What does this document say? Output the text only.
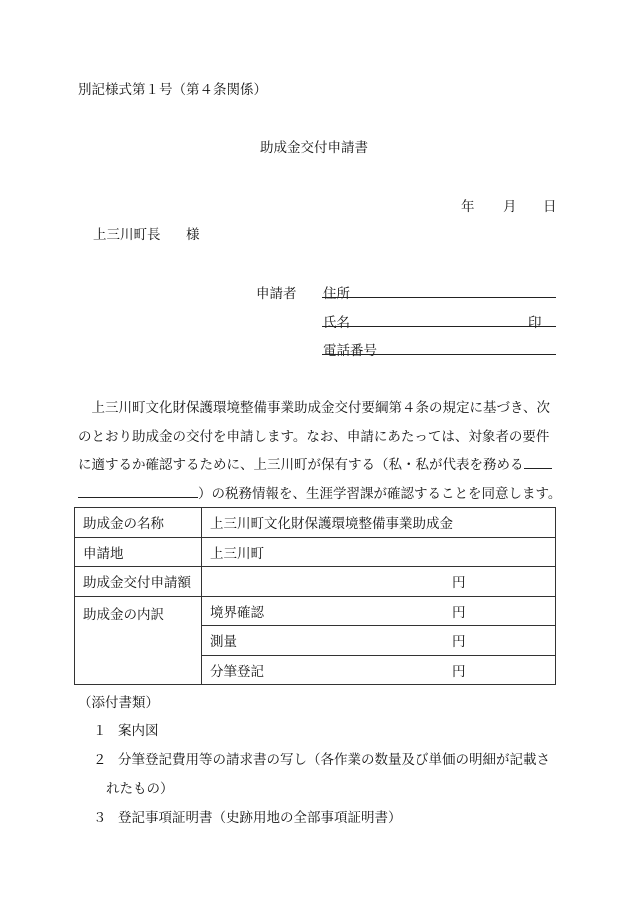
別記様式第１号（第４条関係）
助成金交付申請書
年 月 日
上三川町長 様
申請者 住所
氏名	印
電話番号

　上三川町文化財保護環境整備事業助成金交付要綱第４条の規定に基づき、次

のとおり助成金の交付を申請します。なお、申請にあたっては、対象者の要件

に適するか確認するために、上三川町が保有する（私・私が代表を務める

）の税務情報を、生涯学習課が確認することを同意します。

助成金の名称	上三川町文化財保護環境整備事業助成金
申請地	上三川町
助成金交付申請額	円

助成金の内訳	境界確認 円

	測量 円

	分筆登記 円
（添付書類）
１ 案内図
２ 分筆登記費用等の請求書の写し（各作業の数量及び単価の明細が記載さ
れたもの）
３ 登記事項証明書（史跡用地の全部事項証明書）
